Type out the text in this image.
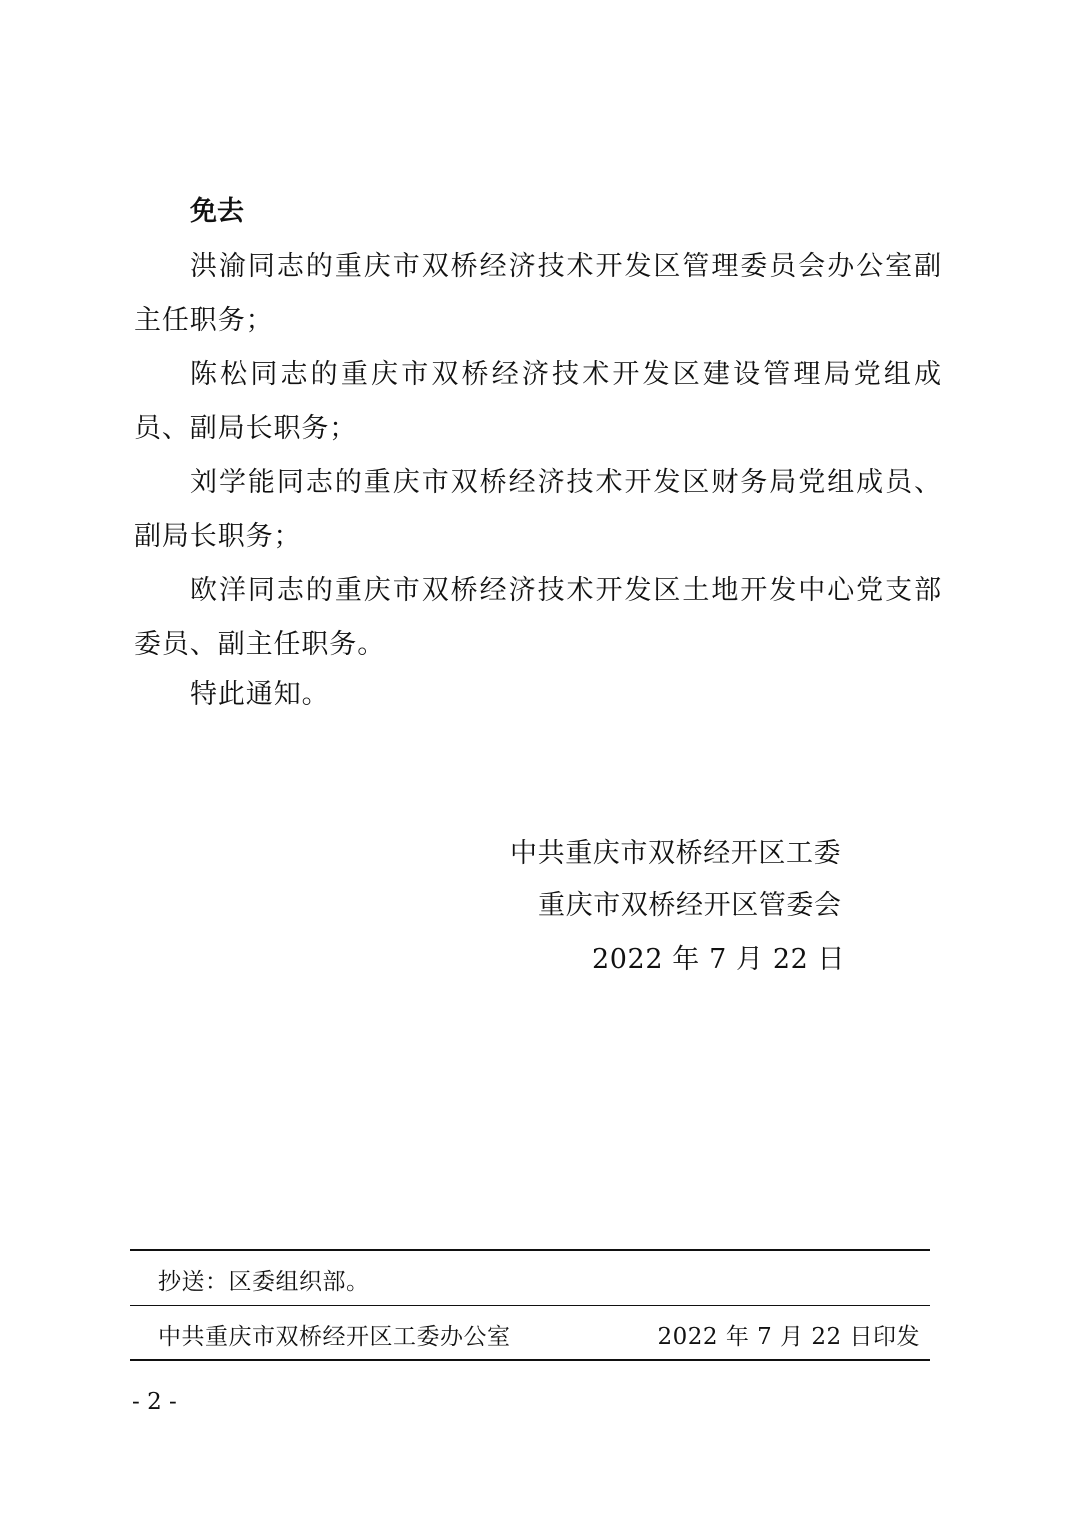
免去
洪渝同志的重庆市双桥经济技术开发区管理委员会办公室副主任职务；
陈松同志的重庆市双桥经济技术开发区建设管理局党组成员、副局长职务；
刘学能同志的重庆市双桥经济技术开发区财务局党组成员、副局长职务；
欧洋同志的重庆市双桥经济技术开发区土地开发中心党支部委员、副主任职务。
特此通知。
中共重庆市双桥经开区工委
重庆市双桥经开区管委会
2022 年 7 月 22 日
抄送：区委组织部。
中共重庆市双桥经开区工委办公室	2022 年 7 月 22 日印发
- 2 -
